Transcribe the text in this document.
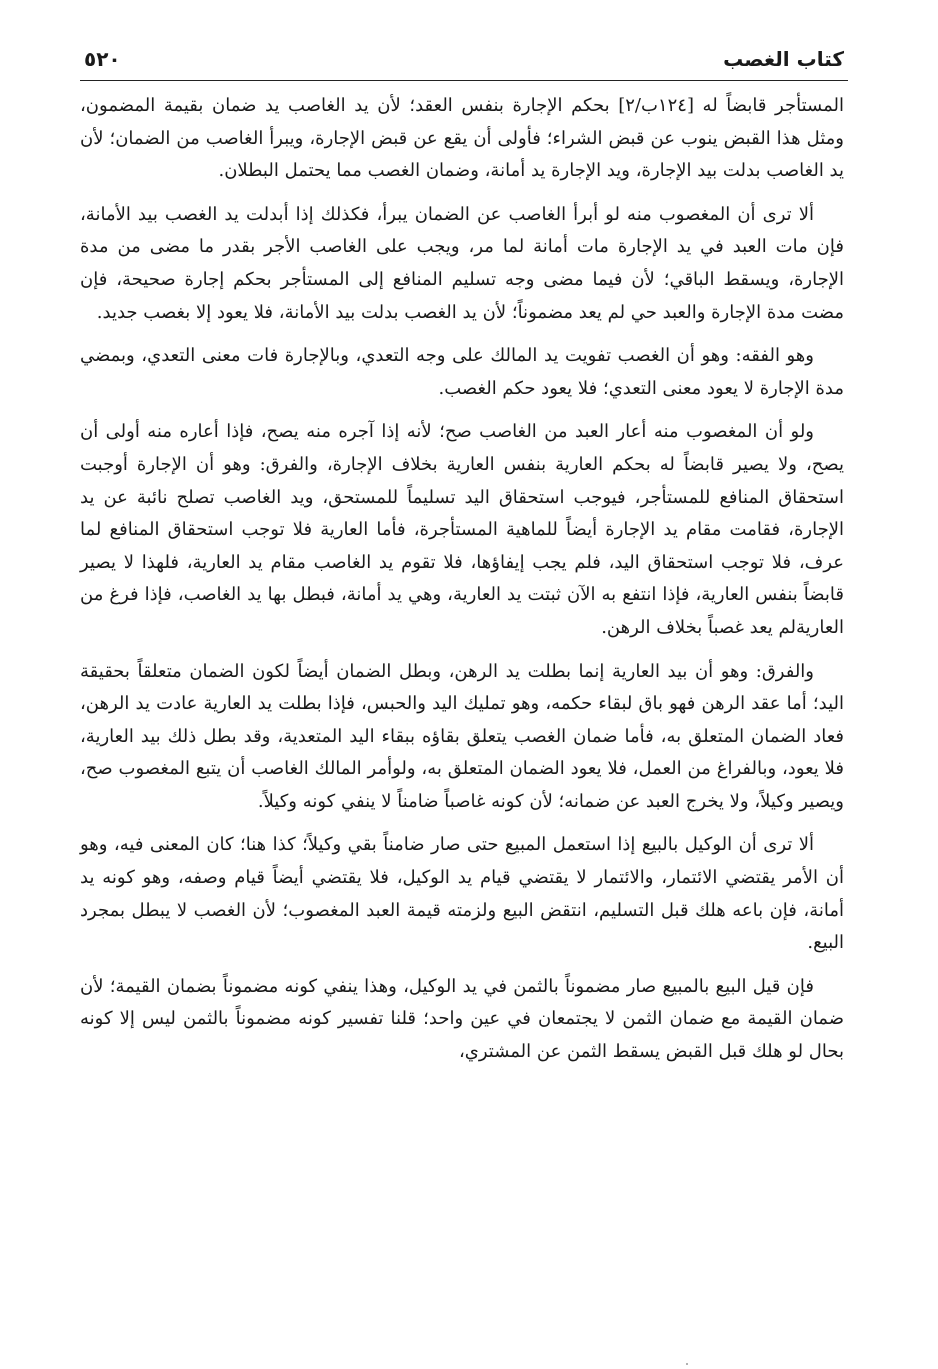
كتاب الغصب
٥٢٠

المستأجر قابضاً له [١٢٤ب/٢] بحكم الإجارة بنفس العقد؛ لأن يد الغاصب يد ضمان بقيمة المضمون، ومثل هذا القبض ينوب عن قبض الشراء؛ فأولى أن يقع عن قبض الإجارة، ويبرأ الغاصب من الضمان؛ لأن يد الغاصب بدلت بيد الإجارة، ويد الإجارة يد أمانة، وضمان الغصب مما يحتمل البطلان.

ألا ترى أن المغصوب منه لو أبرأ الغاصب عن الضمان يبرأ، فكذلك إذا أبدلت يد الغصب بيد الأمانة، فإن مات العبد في يد الإجارة مات أمانة لما مر، ويجب على الغاصب الأجر بقدر ما مضى من مدة الإجارة، ويسقط الباقي؛ لأن فيما مضى وجه تسليم المنافع إلى المستأجر بحكم إجارة صحيحة، فإن مضت مدة الإجارة والعبد حي لم يعد مضموناً؛ لأن يد الغصب بدلت بيد الأمانة، فلا يعود إلا بغصب جديد.

وهو الفقه: وهو أن الغصب تفويت يد المالك على وجه التعدي، وبالإجارة فات معنى التعدي، وبمضي مدة الإجارة لا يعود معنى التعدي؛ فلا يعود حكم الغصب.

ولو أن المغصوب منه أعار العبد من الغاصب صح؛ لأنه إذا آجره منه يصح، فإذا أعاره منه أولى أن يصح، ولا يصير قابضاً له بحكم العارية بنفس العارية بخلاف الإجارة، والفرق: وهو أن الإجارة أوجبت استحقاق المنافع للمستأجر، فيوجب استحقاق اليد تسليماً للمستحق، ويد الغاصب تصلح نائبة عن يد الإجارة، فقامت مقام يد الإجارة أيضاً للماهية المستأجرة، فأما العارية فلا توجب استحقاق المنافع لما عرف، فلا توجب استحقاق اليد، فلم يجب إيفاؤها، فلا تقوم يد الغاصب مقام يد العارية، فلهذا لا يصير قابضاً بنفس العارية، فإذا انتفع به الآن ثبتت يد العارية، وهي يد أمانة، فبطل بها يد الغاصب، فإذا فرغ من العاريةلم يعد غصباً بخلاف الرهن.

والفرق: وهو أن بيد العارية إنما بطلت يد الرهن، وبطل الضمان أيضاً لكون الضمان متعلقاً بحقيقة اليد؛ أما عقد الرهن فهو باق لبقاء حكمه، وهو تمليك اليد والحبس، فإذا بطلت يد العارية عادت يد الرهن، فعاد الضمان المتعلق به، فأما ضمان الغصب يتعلق بقاؤه ببقاء اليد المتعدية، وقد بطل ذلك بيد العارية، فلا يعود، وبالفراغ من العمل، فلا يعود الضمان المتعلق به، ولوأمر المالك الغاصب أن يتبع المغصوب صح، ويصير وكيلاً، ولا يخرج العبد عن ضمانه؛ لأن كونه غاصباً ضامناً لا ينفي كونه وكيلاً.

ألا ترى أن الوكيل بالبيع إذا استعمل المبيع حتى صار ضامناً بقي وكيلاً؛ كذا هنا؛ كان المعنى فيه، وهو أن الأمر يقتضي الائتمار، والائتمار لا يقتضي قيام يد الوكيل، فلا يقتضي أيضاً قيام وصفه، وهو كونه يد أمانة، فإن باعه هلك قبل التسليم، انتقض البيع ولزمته قيمة العبد المغصوب؛ لأن الغصب لا يبطل بمجرد البيع.

فإن قيل البيع بالمبيع صار مضموناً بالثمن في يد الوكيل، وهذا ينفي كونه مضموناً بضمان القيمة؛ لأن ضمان القيمة مع ضمان الثمن لا يجتمعان في عين واحد؛ قلنا تفسير كونه مضموناً بالثمن ليس إلا كونه بحال لو هلك قبل القبض يسقط الثمن عن المشتري،
